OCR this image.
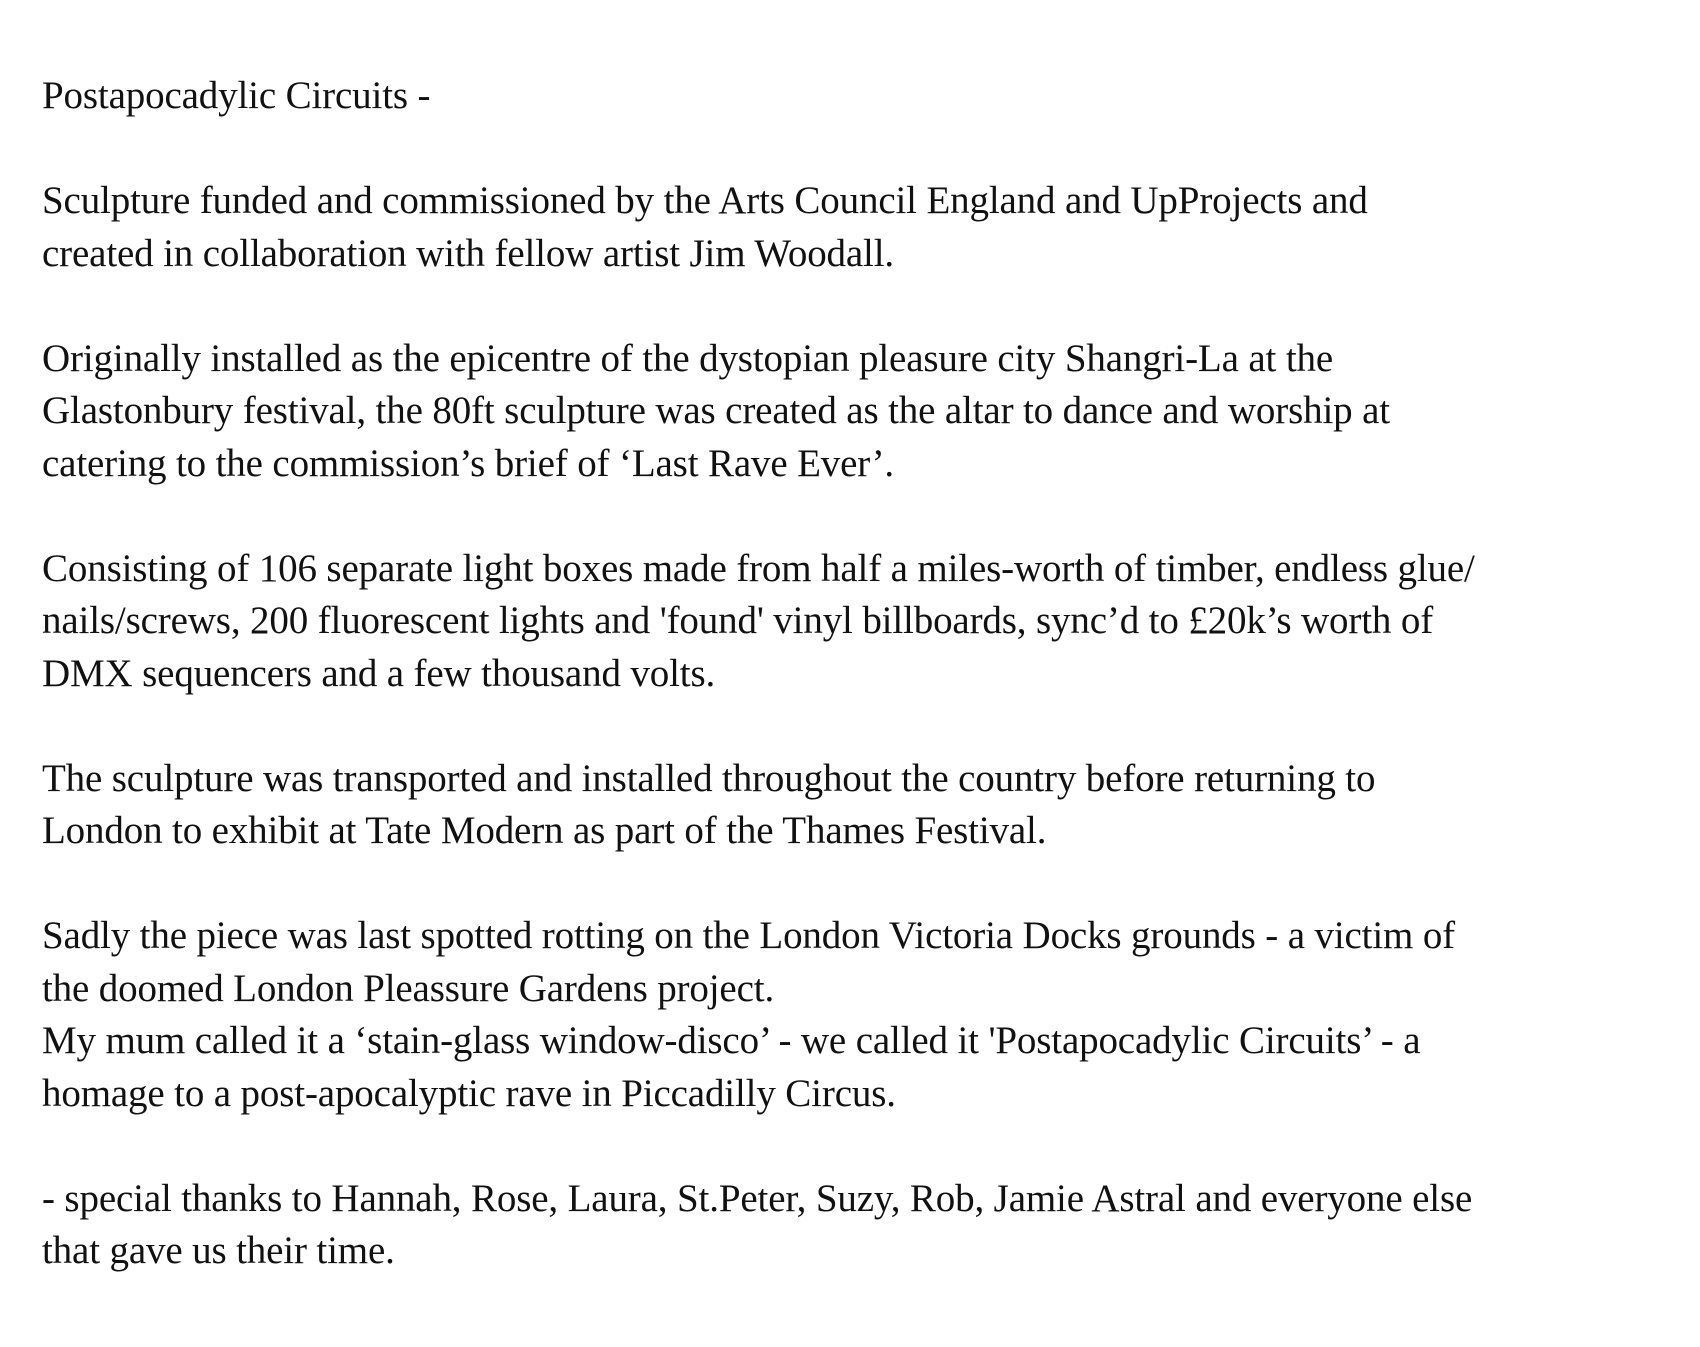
Postapocadylic Circuits -
Sculpture funded and commissioned by the Arts Council England and UpProjects and
created in collaboration with fellow artist Jim Woodall.
Originally installed as the epicentre of the dystopian pleasure city Shangri-La at the
Glastonbury festival, the 80ft sculpture was created as the altar to dance and worship at
catering to the commission’s brief of ‘Last Rave Ever’.
Consisting of 106 separate light boxes made from half a miles-worth of timber, endless glue/
nails/screws, 200 fluorescent lights and 'found' vinyl billboards, sync’d to £20k’s worth of
DMX sequencers and a few thousand volts.
The sculpture was transported and installed throughout the country before returning to
London to exhibit at Tate Modern as part of the Thames Festival.
Sadly the piece was last spotted rotting on the London Victoria Docks grounds - a victim of
the doomed London Pleassure Gardens project.
My mum called it a ‘stain-glass window-disco’ - we called it 'Postapocadylic Circuits’ - a
homage to a post-apocalyptic rave in Piccadilly Circus.
- special thanks to Hannah, Rose, Laura, St.Peter, Suzy, Rob, Jamie Astral and everyone else
that gave us their time.
